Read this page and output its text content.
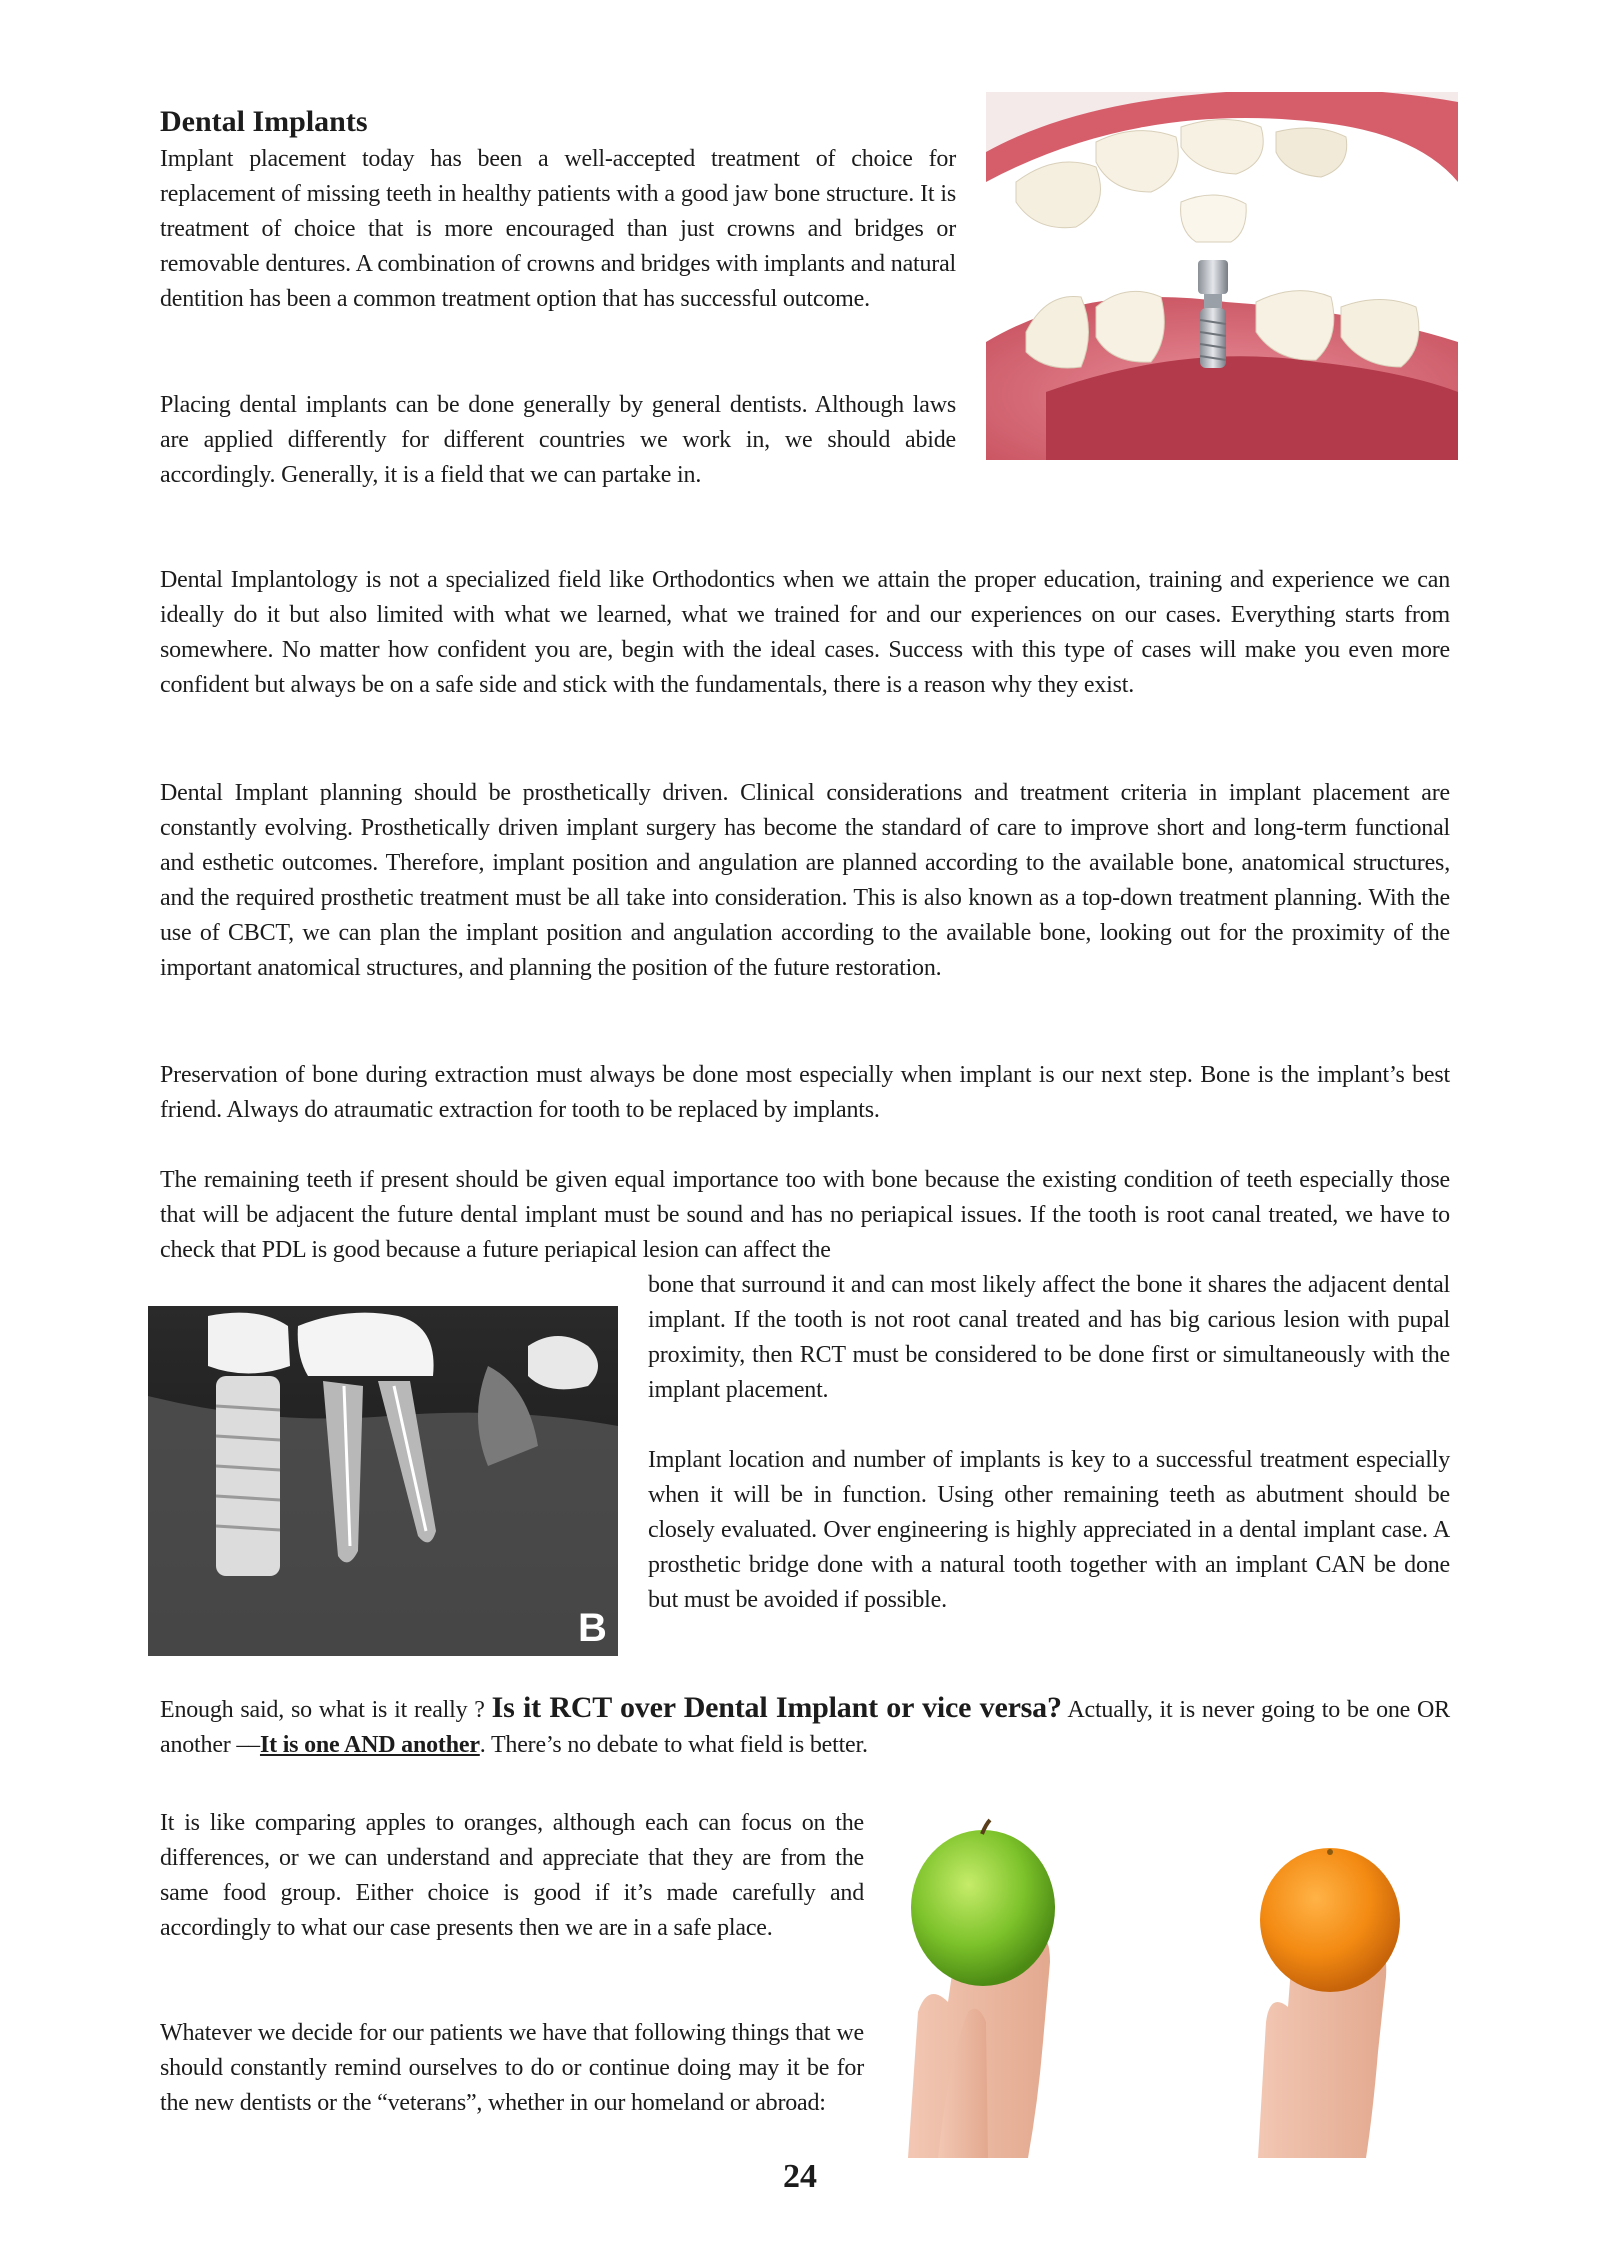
Dental Implants

Implant placement today has been a well-accepted treatment of choice for replacement of missing teeth in healthy patients with a good jaw bone structure. It is treatment of choice that is more encouraged than just crowns and bridges or removable dentures. A combination of crowns and bridges with implants and natural dentition has been a common treatment option that has successful outcome.

Placing dental implants can be done generally by general dentists. Although laws are applied differently for different countries we work in, we should abide accordingly. Generally, it is a field that we can partake in.

Dental Implantology is not a specialized field like Orthodontics when we attain the proper education, training and experience we can ideally do it but also limited with what we learned, what we trained for and our experiences on our cases. Everything starts from somewhere. No matter how confident you are, begin with the ideal cases. Success with this type of cases will make you even more confident but always be on a safe side and stick with the fundamentals, there is a reason why they exist.

Dental Implant planning should be prosthetically driven. Clinical considerations and treatment criteria in implant placement are constantly evolving. Prosthetically driven implant surgery has become the standard of care to improve short and long-term functional and esthetic outcomes. Therefore, implant position and angulation are planned according to the available bone, anatomical structures, and the required prosthetic treatment must be all take into consideration. This is also known as a top-down treatment planning. With the use of CBCT, we can plan the implant position and angulation according to the available bone, looking out for the proximity of the important anatomical structures, and planning the position of the future restoration.

Preservation of bone during extraction must always be done most especially when implant is our next step. Bone is the implant’s best friend. Always do atraumatic extraction for tooth to be replaced by implants.

The remaining teeth if present should be given equal importance too with bone because the existing condition of teeth especially those that will be adjacent the future dental implant must be sound and has no periapical issues. If the tooth is root canal treated, we have to check that PDL is good because a future periapical lesion can affect the

bone that surround it and can most likely affect the bone it shares the adjacent dental implant. If the tooth is not root canal treated and has big carious lesion with pupal proximity, then RCT must be considered to be done first or simultaneously with the implant placement.

Implant location and number of implants is key to a successful treatment especially when it will be in function. Using other remaining teeth as abutment should be closely evaluated. Over engineering is highly appreciated in a dental implant case. A prosthetic bridge done with a natural tooth together with an implant CAN be done but must be avoided if possible.

Enough said, so what is it really ? Is it RCT over Dental Implant or vice versa? Actually, it is never going to be one OR another ––It is one AND another. There’s no debate to what field is better.

It is like comparing apples to oranges, although each can focus on the differences, or we can understand and appreciate that they are from the same food group. Either choice is good if it’s made carefully and accordingly to what our case presents then we are in a safe place.

Whatever we decide for our patients we have that following things that we should constantly remind ourselves to do or continue doing may it be for the new dentists or the “veterans”, whether in our homeland or abroad:

B

24
